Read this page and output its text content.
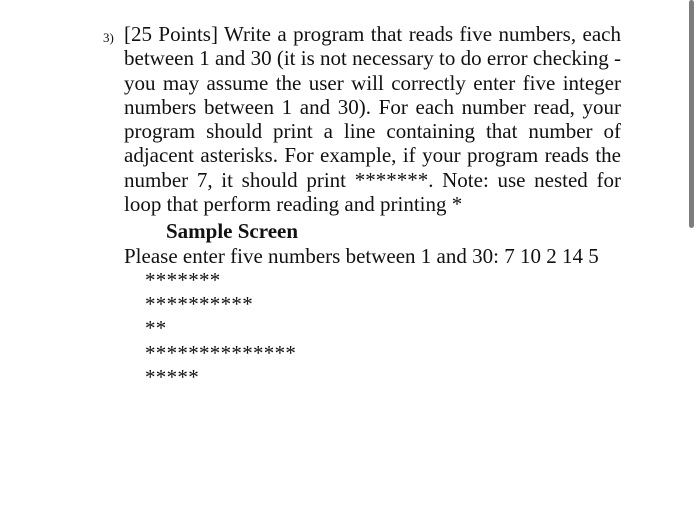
3) [25 Points] Write a program that reads five numbers, each
between 1 and 30 (it is not necessary to do error checking -
you may assume the user will correctly enter five integer
numbers between 1 and 30). For each number read, your
program should print a line containing that number of
adjacent asterisks. For example, if your program reads the
number 7, it should print *******. Note: use nested for
loop that perform reading and printing *
Sample Screen
Please enter five numbers between 1 and 30: 7 10 2 14 5
*******
**********
**
**************
*****
